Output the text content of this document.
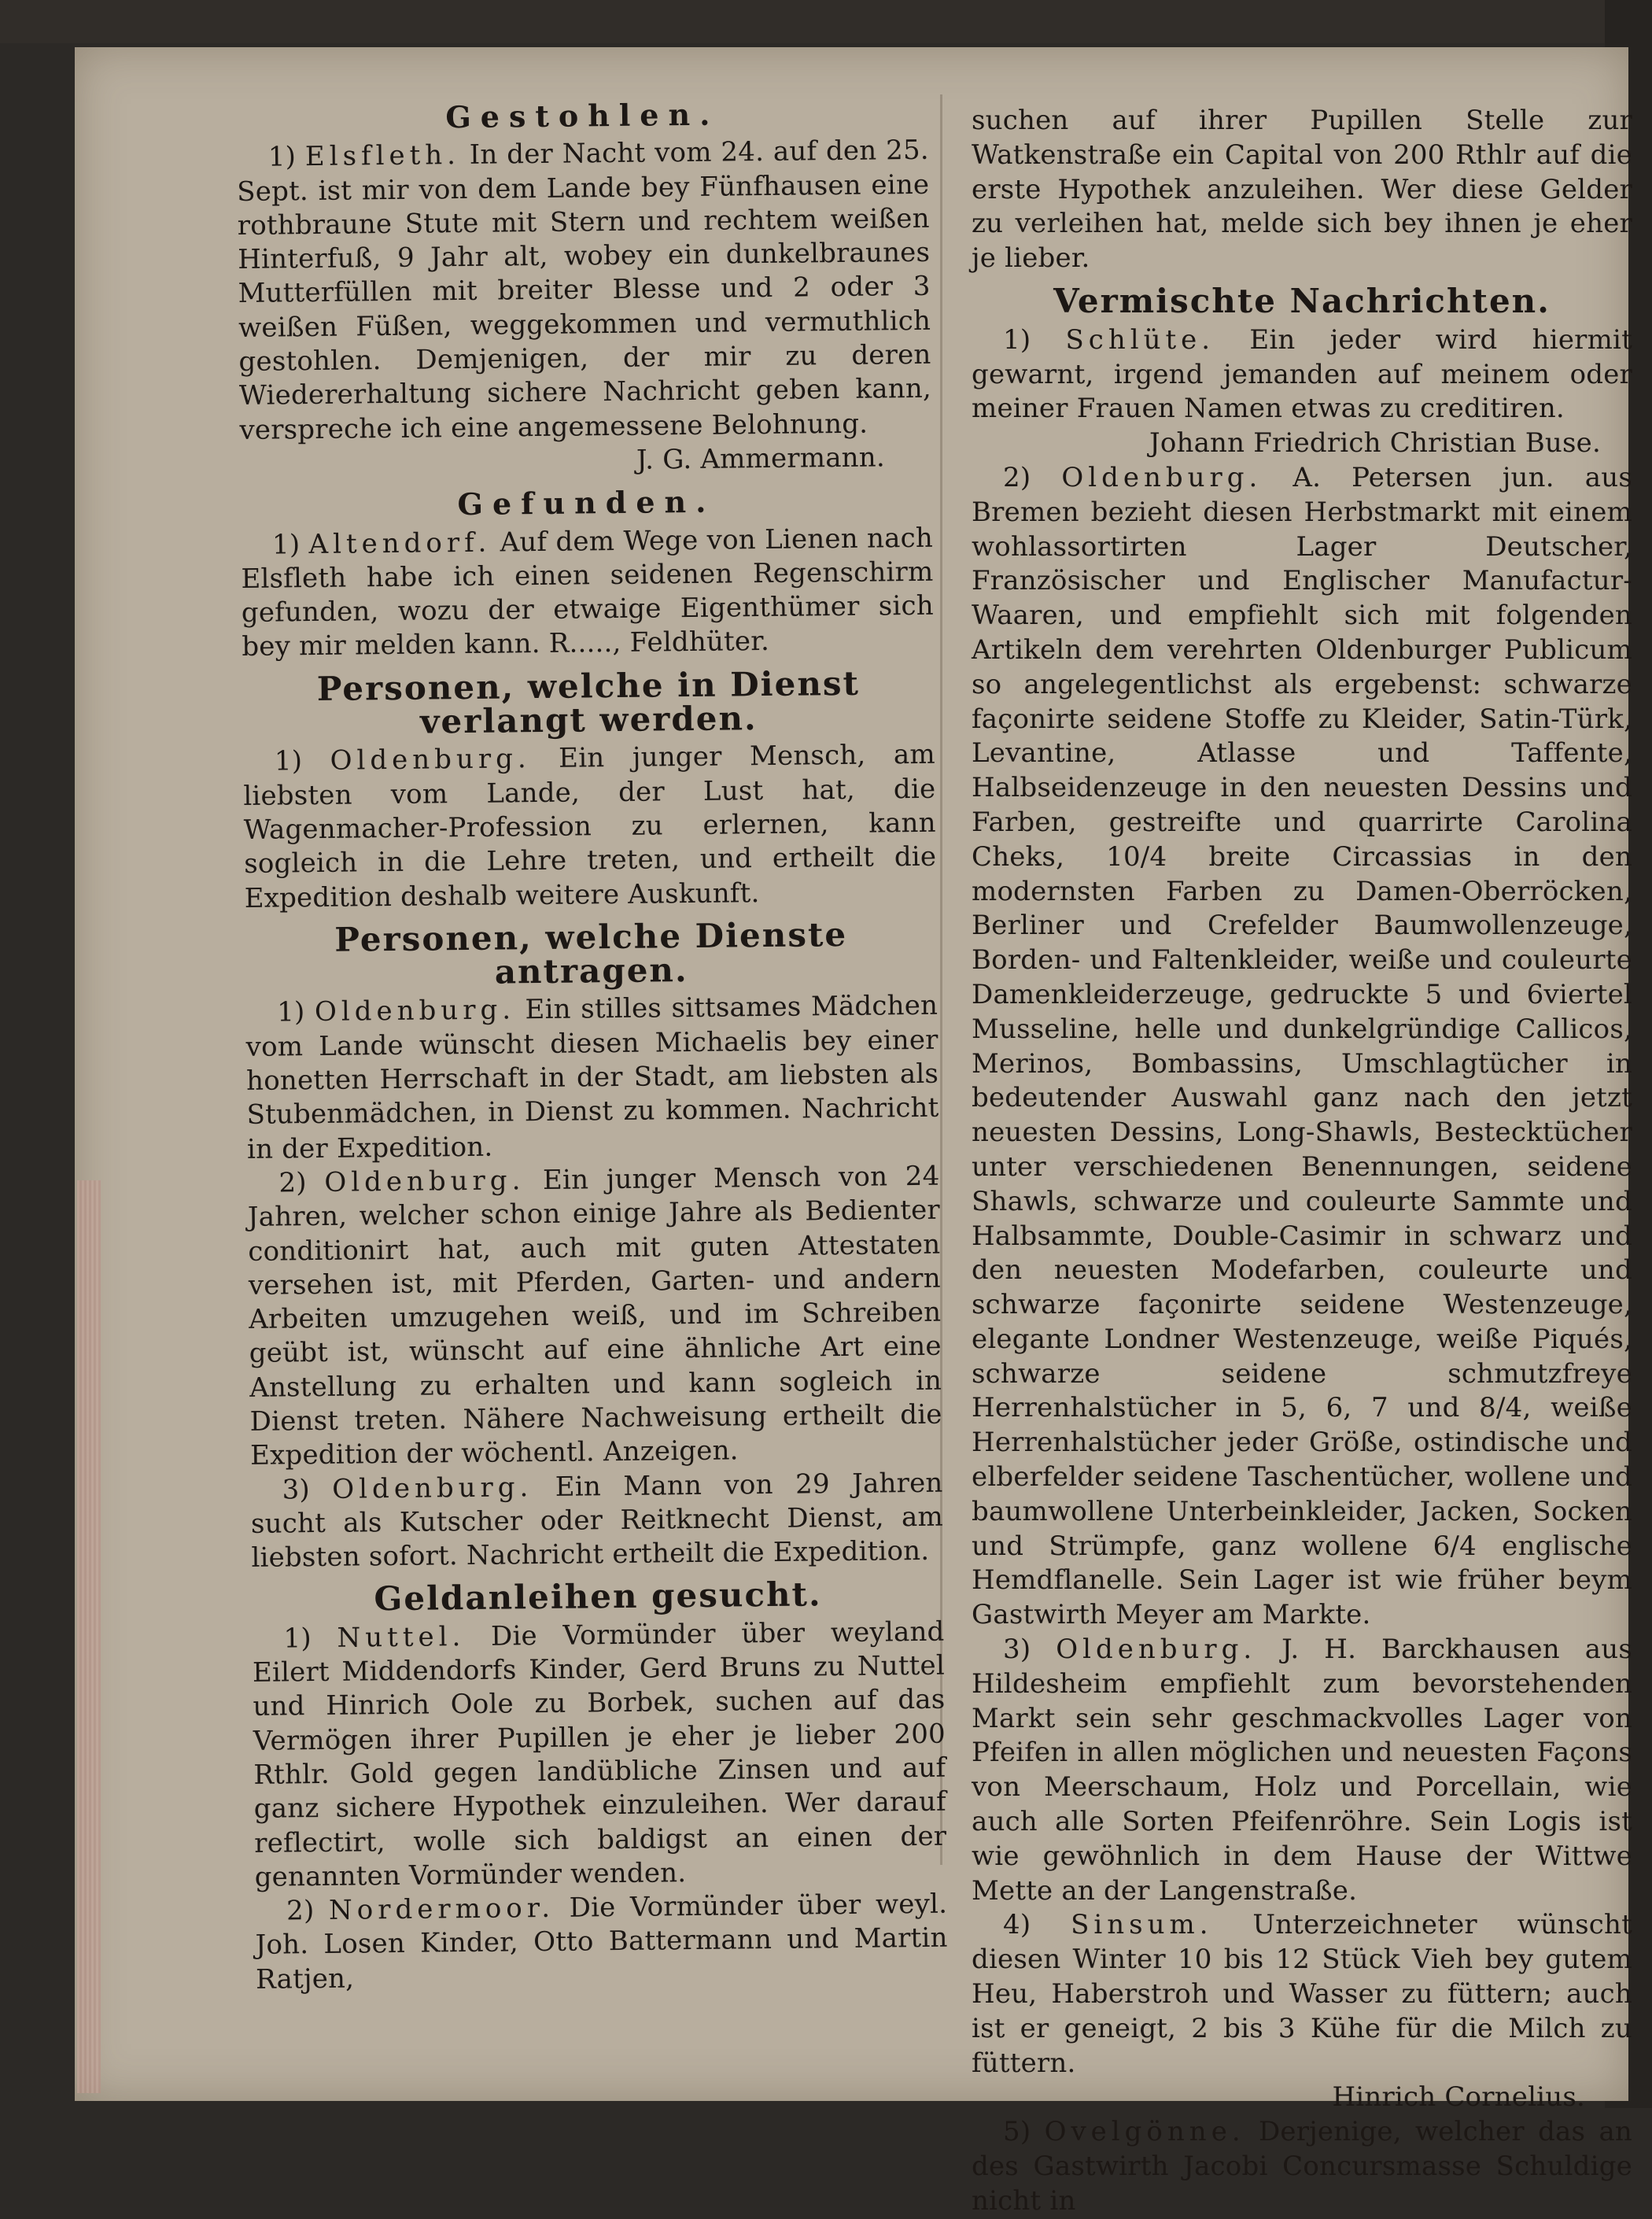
Gestohlen.

1) Elsfleth. In der Nacht vom 24. auf den 25. Sept. ist mir von dem Lande bey Fünfhausen eine rothbraune Stute mit Stern und rechtem weißen Hinterfuß, 9 Jahr alt, wobey ein dunkelbraunes Mutterfüllen mit breiter Blesse und 2 oder 3 weißen Füßen, weggekommen und vermuthlich gestohlen. Demjenigen, der mir zu deren Wiedererhaltung sichere Nachricht geben kann, verspreche ich eine angemessene Belohnung.

J. G. Ammermann.

Gefunden.

1) Altendorf. Auf dem Wege von Lienen nach Elsfleth habe ich einen seidenen Regenschirm gefunden, wozu der etwaige Eigenthümer sich bey mir melden kann. R....., Feldhüter.

Personen, welche in Dienst verlangt werden.

1) Oldenburg. Ein junger Mensch, am liebsten vom Lande, der Lust hat, die Wagenmacher-Profession zu erlernen, kann sogleich in die Lehre treten, und ertheilt die Expedition deshalb weitere Auskunft.

Personen, welche Dienste antragen.

1) Oldenburg. Ein stilles sittsames Mädchen vom Lande wünscht diesen Michaelis bey einer honetten Herrschaft in der Stadt, am liebsten als Stubenmädchen, in Dienst zu kommen. Nachricht in der Expedition.

2) Oldenburg. Ein junger Mensch von 24 Jahren, welcher schon einige Jahre als Bedienter conditionirt hat, auch mit guten Attestaten versehen ist, mit Pferden, Garten- und andern Arbeiten umzugehen weiß, und im Schreiben geübt ist, wünscht auf eine ähnliche Art eine Anstellung zu erhalten und kann sogleich in Dienst treten. Nähere Nachweisung ertheilt die Expedition der wöchentl. Anzeigen.

3) Oldenburg. Ein Mann von 29 Jahren sucht als Kutscher oder Reitknecht Dienst, am liebsten sofort. Nachricht ertheilt die Expedition.

Geldanleihen gesucht.

1) Nuttel. Die Vormünder über weyland Eilert Middendorfs Kinder, Gerd Bruns zu Nuttel und Hinrich Oole zu Borbek, suchen auf das Vermögen ihrer Pupillen je eher je lieber 200 Rthlr. Gold gegen landübliche Zinsen und auf ganz sichere Hypothek einzuleihen. Wer darauf reflectirt, wolle sich baldigst an einen der genannten Vormünder wenden.

2) Nordermoor. Die Vormünder über weyl. Joh. Losen Kinder, Otto Battermann und Martin Ratjen,

suchen auf ihrer Pupillen Stelle zur Watkenstraße ein Capital von 200 Rthlr auf die erste Hypothek anzuleihen. Wer diese Gelder zu verleihen hat, melde sich bey ihnen je eher je lieber.

Vermischte Nachrichten.

1) Schlüte. Ein jeder wird hiermit gewarnt, irgend jemanden auf meinem oder meiner Frauen Namen etwas zu creditiren.

Johann Friedrich Christian Buse.

2) Oldenburg. A. Petersen jun. aus Bremen bezieht diesen Herbstmarkt mit einem wohlassortirten Lager Deutscher, Französischer und Englischer Manufactur-Waaren, und empfiehlt sich mit folgenden Artikeln dem verehrten Oldenburger Publicum so angelegentlichst als ergebenst: schwarze façonirte seidene Stoffe zu Kleider, Satin-Türk, Levantine, Atlasse und Taffente, Halbseidenzeuge in den neuesten Dessins und Farben, gestreifte und quarrirte Carolina Cheks, 10/4 breite Circassias in den modernsten Farben zu Damen-Oberröcken, Berliner und Crefelder Baumwollenzeuge, Borden- und Faltenkleider, weiße und couleurte Damenkleiderzeuge, gedruckte 5 und 6viertel Musseline, helle und dunkelgründige Callicos, Merinos, Bombassins, Umschlagtücher in bedeutender Auswahl ganz nach den jetzt neuesten Dessins, Long-Shawls, Bestecktücher unter verschiedenen Benennungen, seidene Shawls, schwarze und couleurte Sammte und Halbsammte, Double-Casimir in schwarz und den neuesten Modefarben, couleurte und schwarze façonirte seidene Westenzeuge, elegante Londner Westenzeuge, weiße Piqués, schwarze seidene schmutzfreye Herrenhalstücher in 5, 6, 7 und 8/4, weiße Herrenhalstücher jeder Größe, ostindische und elberfelder seidene Taschentücher, wollene und baumwollene Unterbeinkleider, Jacken, Socken und Strümpfe, ganz wollene 6/4 englische Hemdflanelle. Sein Lager ist wie früher beym Gastwirth Meyer am Markte.

3) Oldenburg. J. H. Barckhausen aus Hildesheim empfiehlt zum bevorstehenden Markt sein sehr geschmackvolles Lager von Pfeifen in allen möglichen und neuesten Façons von Meerschaum, Holz und Porcellain, wie auch alle Sorten Pfeifenröhre. Sein Logis ist wie gewöhnlich in dem Hause der Wittwe Mette an der Langenstraße.

4) Sinsum. Unterzeichneter wünscht diesen Winter 10 bis 12 Stück Vieh bey gutem Heu, Haberstroh und Wasser zu füttern; auch ist er geneigt, 2 bis 3 Kühe für die Milch zu füttern.

Hinrich Cornelius.

5) Ovelgönne. Derjenige, welcher das an des Gastwirth Jacobi Concursmasse Schuldige nicht in
